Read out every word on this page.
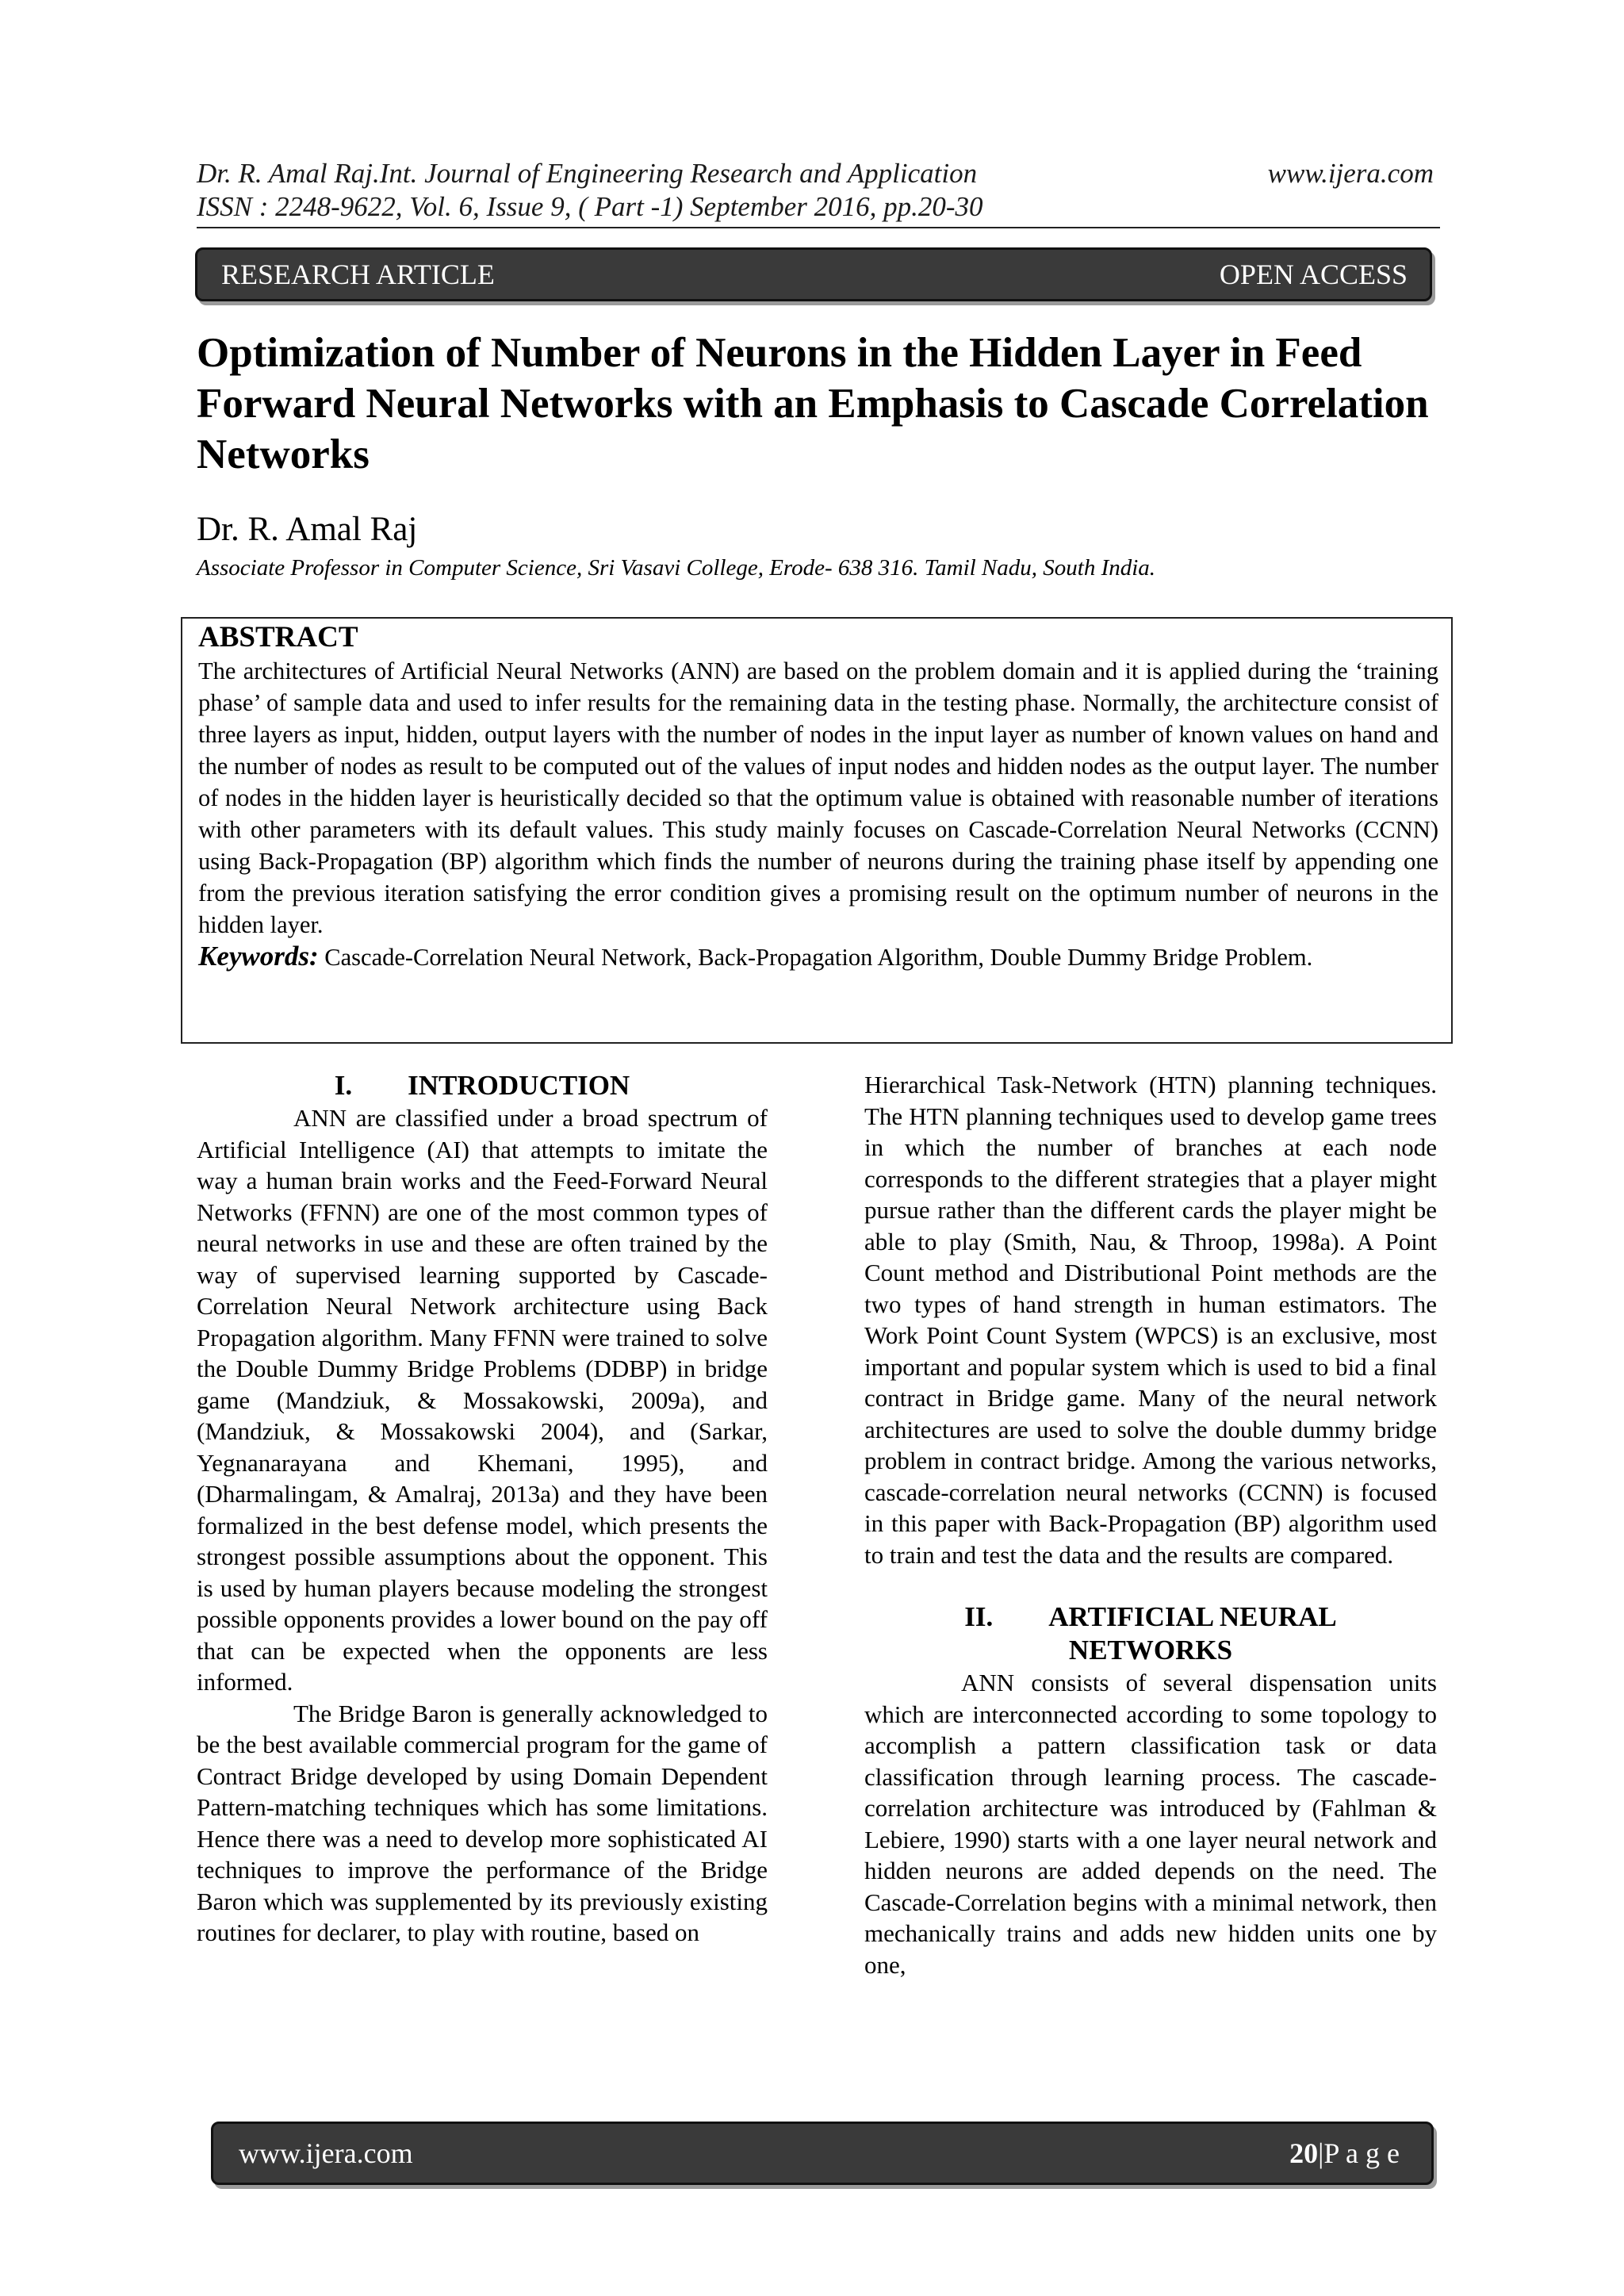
Dr. R. Amal Raj.Int. Journal of Engineering Research and Application
ISSN : 2248-9622, Vol. 6, Issue 9, ( Part -1) September 2016, pp.20-30
www.ijera.com
RESEARCH ARTICLE	OPEN ACCESS
Optimization of Number of Neurons in the Hidden Layer in Feed Forward Neural Networks with an Emphasis to Cascade Correlation Networks
Dr. R. Amal Raj
Associate Professor in Computer Science, Sri Vasavi College, Erode- 638 316. Tamil Nadu, South India.
ABSTRACT
The architectures of Artificial Neural Networks (ANN) are based on the problem domain and it is applied during the ‘training phase’ of sample data and used to infer results for the remaining data in the testing phase. Normally, the architecture consist of three layers as input, hidden, output layers with the number of nodes in the input layer as number of known values on hand and the number of nodes as result to be computed out of the values of input nodes and hidden nodes as the output layer. The number of nodes in the hidden layer is heuristically decided so that the optimum value is obtained with reasonable number of iterations with other parameters with its default values. This study mainly focuses on Cascade-Correlation Neural Networks (CCNN) using Back-Propagation (BP) algorithm which finds the number of neurons during the training phase itself by appending one from the previous iteration satisfying the error condition gives a promising result on the optimum number of neurons in the hidden layer.
Keywords: Cascade-Correlation Neural Network, Back-Propagation Algorithm, Double Dummy Bridge Problem.
I. INTRODUCTION

ANN are classified under a broad spectrum of Artificial Intelligence (AI) that attempts to imitate the way a human brain works and the Feed-Forward Neural Networks (FFNN) are one of the most common types of neural networks in use and these are often trained by the way of supervised learning supported by Cascade-Correlation Neural Network architecture using Back Propagation algorithm. Many FFNN were trained to solve the Double Dummy Bridge Problems (DDBP) in bridge game (Mandziuk, & Mossakowski, 2009a), and (Mandziuk, & Mossakowski 2004), and (Sarkar, Yegnanarayana and Khemani, 1995), and (Dharmalingam, & Amalraj, 2013a) and they have been formalized in the best defense model, which presents the strongest possible assumptions about the opponent. This is used by human players because modeling the strongest possible opponents provides a lower bound on the pay off that can be expected when the opponents are less informed.

The Bridge Baron is generally acknowledged to be the best available commercial program for the game of Contract Bridge developed by using Domain Dependent Pattern-matching techniques which has some limitations. Hence there was a need to develop more sophisticated AI techniques to improve the performance of the Bridge Baron which was supplemented by its previously existing routines for declarer, to play with routine, based on

Hierarchical Task-Network (HTN) planning techniques. The HTN planning techniques used to develop game trees in which the number of branches at each node corresponds to the different strategies that a player might pursue rather than the different cards the player might be able to play (Smith, Nau, & Throop, 1998a). A Point Count method and Distributional Point methods are the two types of hand strength in human estimators. The Work Point Count System (WPCS) is an exclusive, most important and popular system which is used to bid a final contract in Bridge game. Many of the neural network architectures are used to solve the double dummy bridge problem in contract bridge. Among the various networks, cascade-correlation neural networks (CCNN) is focused in this paper with Back-Propagation (BP) algorithm used to train and test the data and the results are compared.

II. ARTIFICIAL NEURAL
NETWORKS

ANN consists of several dispensation units which are interconnected according to some topology to accomplish a pattern classification task or data classification through learning process. The cascade-correlation architecture was introduced by (Fahlman & Lebiere, 1990) starts with a one layer neural network and hidden neurons are added depends on the need. The Cascade-Correlation begins with a minimal network, then mechanically trains and adds new hidden units one by one,

www.ijera.com	20|P a g e
